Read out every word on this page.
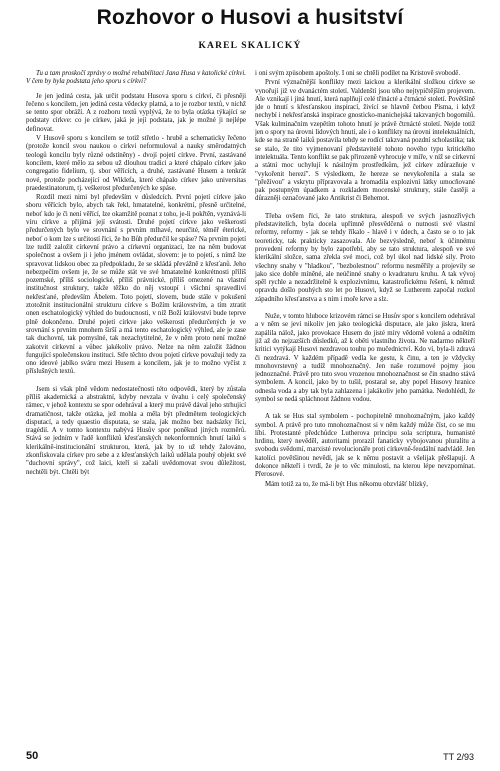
Rozhovor o Husovi a husitství
KAREL SKALICKÝ

Tu a tam proskočí zprávy o možné rehabilitaci Jana Husa v katolické církvi. V čem by byla podstata jeho sporu s církví?

Je jen jediná cesta, jak určit podstatu Husova sporu s církví, či přesněji řečeno s koncilem, jen jediná cesta vědecky platná, a to je rozbor textů, v nichž se tento spor obráží. A z rozboru textů vyplývá, že to byla otázka týkající se podstaty církve: co je církev, jaká je její podstata, jak je možné ji nejlépe definovat.

V Husově sporu s koncilem se totiž střetlo - hrubě a schematicky řečeno (protože koncil svou naukou o církvi neformuloval a nauky směrodatných teologů koncilu byly různé odstíněny) - dvojí pojetí církve. První, zastávané koncilem, které mělo za sebou už dlouhou tradici a které chápalo církev jako congregatio fidelium, tj. sbor věřících, a druhé, zastávané Husem a tenkrát nové, protože pocházející od Wiklefa, které chápalo církev jako universitas praedestinatorum, tj. veškerost předurčených ke spáse.

Rozdíl mezi nimi byl především v důsledcích. První pojetí církve jako sboru věřících bylo, abych tak řekl, hmatatelné, konkrétní, přesně určitelné, neboť kdo je či není věřící, lze okamžitě poznat z toho, je-li pokřtěn, vyznává-li víru církve a přijímá její svátosti. Druhé pojetí církve jako veškerosti předurčených bylo ve srovnání s prvním mlhavé, neurčité, téměř éterické, neboť o kom lze s určitostí říci, že ho Bůh předurčil ke spáse? Na prvním pojetí lze tudíž založit církevní právo a církevní organizaci, lze na něm budovat společnost a ovšem ji i jeho jménem ovládat, slovem: je to pojetí, s nímž lze spravovat lidskou obec za předpokladu, že se skládá převážně z křesťanů. Jeho nebezpečím ovšem je, že se může stát ve své hmatatelné konkrétnosti příliš pozemské, příliš sociologické, příliš právnické, příliš omezené na vlastní institučnost struktury, takže těžko do něj vstoupí i všichni spravedliví nekřesťané, především Ábelem. Toto pojetí, slovem, bude stále v pokušení ztotožnit institucionální strukturu církve s Božím královstvím, a tím ztratit onen eschatologický výhled do budoucnosti, v níž Boží království bude teprve plně dokončeno. Druhé pojetí církve jako veškerosti předurčených je ve srovnání s prvním mnohem širší a má tento eschatologický výhled, ale je zase tak duchovní, tak pomyslné, tak nezachytitelné, že v něm proto není možné zakotvit církevní a vůbec jakékoliv právo. Nelze na něm založit žádnou fungující společenskou instituci. Stře těchto dvou pojetí církve považuji tedy za ono ideové jablko sváru mezi Husem a koncilem, jak je to možno vyčíst z příslušných textů.

Jsem si však plně vědom nedostatečnosti této odpovědi, který by zůstala příliš akademická a abstraktní, kdyby nevzala v úvahu i celý společenský rámec, v jehož kontextu se spor odehrával a který mu právě dával jeho strhující dramatičnost, takže otázka, jež mohla a měla být předmětem teologických disputací, a tedy quaestio disputata, se stala, jak možno bez nadsázky říci, tragédií. A v tomto kontextu nabývá Husův spor poněkud jiných rozměrů. Stává se jedním v řadě konfliktů křesťanských nekonformních hnutí laiků s klerikálně-institucionální strukturou, která, jak by to už tehdy žalováno, zkonfiskovala církev pro sebe a z křesťanských laiků udělala pouhý objekt své "duchovní správy", což laici, kteří si začali uvědomovat svou důležitost, nechtěli být. Chtěli být

i oni svým způsobem apoštoly. I oni se chtěli podílet na Kristově svobodě.

První význačnější konflikty mezi laickou a klerikální složkou církve se vynořují již ve dvanáctém století. Valdenští jsou tého nejtypičtějším projevem. Ale vznikají i jiná hnutí, která naplňují celé třinácté a čtrnácté století. Povětšině jde o hnutí s křesťanskou inspirací, živící se hlavně četbou Písma, i když nechybí i nekřesťanská inspirace gnosticko-manichejská takzvaných bogomilů. Však kulminačním vzepětím tohoto hnutí je právě čtrnácté století. Nejde totiž jen o spory na úrovni lidových hnutí, ale i o konflikty na úrovni intelektuálních, kde se na straně laiků postavila tehdy se rodící takzvaná pozdní scholastika; tak se stalo, že tito vyjmenovaní představitelé tohoto nového typu kritického intelektuála. Tento konflikt se pak přirozeně vyhrocuje v míře, v níž se církevní a státní moc uchylují k násilným prostředkům, jež církev zdůrazňuje v "vykořenit herezí". S výsledkem, že hereze se nevykořenila a stala se "přežívou" a vskrytu přípravovala a hromadila explozivní látky umocňované pak postupným úpadkem a rozkladem mocenské struktury, stále častěji a důrazněji označované jako Antikrist či Behemot.

Třeba ovšem říci, že tato struktura, alespoň ve svých jasnozřivých představitelích, byla docela upřímně přesvědčená o nutnosti své vlastní reformy, reformy - jak se tehdy říkalo - hlavě i v údech, a často se o to jak teoreticky, tak prakticky zasazovala. Ale bezvýsledně, neboť k účinnému provedení reformy by bylo zapotřebí, aby se tato struktura, alespoň ve své klerikální složce, sama zřekla své moci, což byl úkol nad lidské síly. Proto všechny snahy v "hladkou", "bezbolestnou" reformu nesměřily a projevily se jako sice dobře míněné, ale neúčinné snahy o kvadraturu kruhu. A tak vývoj spěl rychle a nezadržitelně k explozivnímu, katastrofickému řešení, k němuž opravdu došlo pouhých sto let po Husovi, když se Lutherem započal rozkol západního křesťanstva a s ním i moře krve a slz.

Nuže, v tomto hluboce krizovém rámci se Husův spor s koncilem odehrával a v něm se jeví nikoliv jen jako teologická disputace, ale jako jiskra, která zapálila nálož, jako provokace Husem do jisté míry vědomě volená a odnětím již až do nejzazších důsledků, až k oběti vlastního života. Ne nadarmo někteří kritici vytýkají Husovi nezdravou touhu po mučednictví. Kdo ví, byla-li zdravá či nezdravá. V každém případě vedla ke gestu, k činu, a ten je vždycky mnohovrstevný a tudíž mnohoznačný. Jen naše rozumové pojmy jsou jednoznačné. Právě pro tuto svou vrozenou mnohoznačnost se čin snadno stává symbolem. A koncil, jako by to tušil, postaral se, aby popel Husovy hranice odnesla voda a aby tak byla zahlazena i jakákoliv jeho památka. Nedohlédl, že symbol se nedá spláchnout žádnou vodou.

A tak se Hus stal symbolem - pochopitelně mnohoznačným, jako každý symbol. A právě pro tuto mnohoznačnost si v něm každý může číst, co se mu líbí. Protestanté předchůdce Lutherova principu sola scriptura, humanisté hrdinu, který nevěděl, autoritami prorazil fanaticky vybojovanou pluralitu a svobodu svědomí, marxisté revolucionáře proti církevně-feudální nadvládě. Jen katolíci povětšinou nevědí, jak se k němu postavit a všelijak přešlapují. A dokonce někteří i tvrdí, že je to věc minulosti, na kterou lépe nevzpomínat. Přerosové.

Mám totiž za to, že má-li být Hus někomu obzvlášť blízký,

50	TT 2/93
